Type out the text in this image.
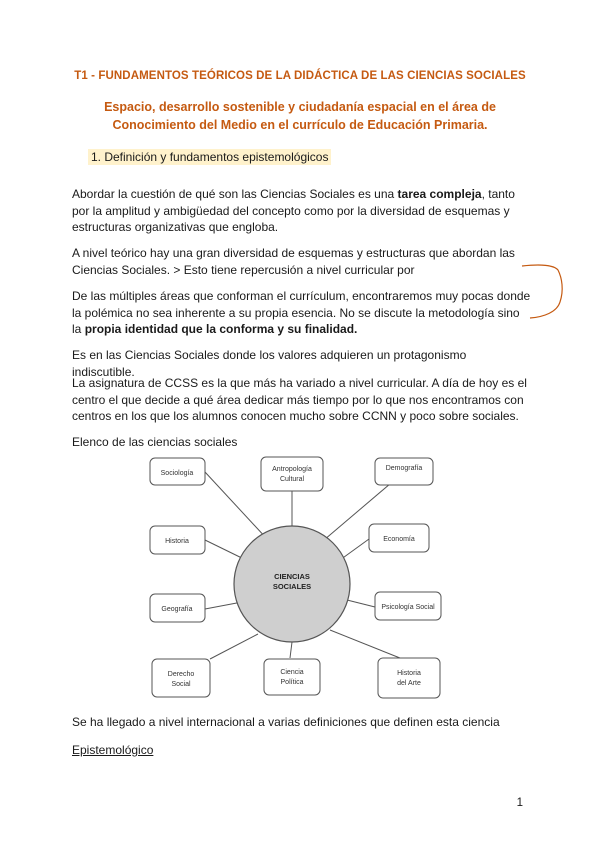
T1 - FUNDAMENTOS TEÓRICOS DE LA DIDÁCTICA DE LAS CIENCIAS SOCIALES
Espacio, desarrollo sostenible y ciudadanía espacial en el área de Conocimiento del Medio en el currículo de Educación Primaria.
1. Definición y fundamentos epistemológicos
Abordar la cuestión de qué son las Ciencias Sociales es una tarea compleja, tanto por la amplitud y ambigüedad del concepto como por la diversidad de esquemas y estructuras organizativas que engloba.
A nivel teórico hay una gran diversidad de esquemas y estructuras que abordan las Ciencias Sociales. > Esto tiene repercusión a nivel curricular por
De las múltiples áreas que conforman el currículum, encontraremos muy pocas donde la polémica no sea inherente a su propia esencia. No se discute la metodología sino la propia identidad que la conforma y su finalidad.
Es en las Ciencias Sociales donde los valores adquieren un protagonismo indiscutible.
La asignatura de CCSS es la que más ha variado a nivel curricular. A día de hoy es el centro el que decide a qué área dedicar más tiempo por lo que nos encontramos con centros en los que los alumnos conocen mucho sobre CCNN y poco sobre sociales.
Elenco de las ciencias sociales
CIENCIAS
SOCIALES
Sociología
Antropología
Cultural
Demografía
Historia	Economía
Geografía	Psicología Social
Derecho
Social
Ciencia
Política
Historia
del Arte
Se ha llegado a nivel internacional a varias definiciones que definen esta ciencia
Epistemológico
1
